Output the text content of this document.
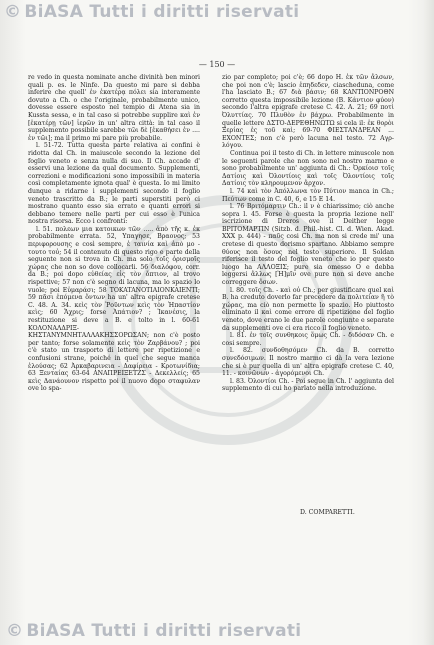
© BiASA Tutti i diritti riservati
— 150 —

re vedo in questa nominate anche divinità ben minori quali p. es. le Ninfe. Da questo mi pare si debba inferire che quell' ἐν ἑκατέρᾳ πόλει sia interamente dovuto a Ch. o che l'originale, probabilmente unico, dovesse essere esposto nel tempio di Atena sia in Kussta sessa, e in tal caso si potrebbe supplire καὶ ἐν [ἑκατέρῃ τῶν] ἱερῶν in un' altra città: in tal caso il supplemento possibile sarebbe τῶι δὲ [ἐκαθήσει ἐν .... ἐν τῶι]; ma il primo mi pare più probabile.

l. 51-72. Tutta questa parte relativa ai confini è ridotta dal Ch. in maiuscole secondo la lezione del foglio veneto e senza nulla di suo. Il Ch. accade d' esservi una lezione da qual documento. Supplementi, correzioni e modificazioni sono impossibili in materia così completamente ignota qual' è questa. Io mi limito dunque a ridarne i supplementi secondo il foglio veneto trascritto da B.; le parti superstiti però ci mostrano quanto esso sia errato e quanti errori si debbano temere nelle parti per cui esso è l'unica nostra risorsa. Ecco i confronti:

l. 51. πολεων μια κατοικων τῶν ..... ἀπὸ τῆς κ. ἐκ probabilmente errata. 52, Υπαγησε, Βραονος; 53 περιφορουσης e così sempre, ἐ ταινία καὶ ἀπὸ μο - τουτο τοὐ; 54 il contenuto di questo rigo e parte della seguente non si trova in Ch. ma solo τοῖς ὁρισμοῖς χώρας che non so dove collocarli. 56 διαλόφου, corr. da B.; poi dopo εὐθείας εἰς τὸν ὄπτιον, al trovo rispettive; 57 non c'è segno di lacuna, ma lo spazio lo vuole; poi Εὐμαράσι; 58 TOKATANOTIAIONKAIENTI; 59 πᾶσι ἐπόμενα ὄντων ha un' altra epigrafe cretese C. 48. A. 34. κεὶς τὸν Ῥοῦντων κεὶς τὸν Ἡπαστίον κεὶς; 60 Ἄχρις; forse Ἀπάτιον? ; Ἰκανέσις, la restituzione si deve a B. e tolto in l. 60-61 KOΛOΝAΛΔΡΙΞ-ΚΗΣΤΑΝΥΜΝΗΤΑΛΛΑΚΗΣΣΟΡΩΣΑΝ; non c'è posto per tanto; forse solamente κεὶς τὸν Ζαρβάνου? ; poi c'è stato un trasporto di lettere per ripetizione e confusioni strane, poiché in quel che segue manca ἐλούσας; 62 Ἀρκαβαρινεια - Δαφίρεια - Κροτωνίδια; 63 Ξενταίας 63-64 ΑΝΑΠΡΕΙΞΕΤΖΣ - Δεκελλείς; 65 κεὶς Δανάουνον rispetto poi il nuovo dopo σταφυλαν ove lo spa-

zio par completo; poi c'è; 66 dopo Η. ἐκ τῶν ἄλσων, che poi non c'è; lascio ἑπηδεδεν, ciascheduna, come l'ha lasciato B.; 67 διὰ βάσιν; 68 ΚΑΝΤΙΟΝΡΟΘΝ corretto questa impossibile lezione (B. Κάντιον φύον) secondo l'altra epigrafe cretese C. 42. A. 21; 69 ποτὶ Ὀλυττίας. 70 Πλυθὸν ἐν βάχρω. Probabilmente in quelle lettere ΔΣΤΟ-ΔΕΡΕΘΗΝΩΤΩ si cela il: ἐκ θορὸι Ξερίας ἐς τοῦ καὶ; 69-70 ΦΙΕΣΤΑΝΔΡΕΑΝ ... EXONΤΕΣ; non c'è però lacuna nel testo. 72 Αγρ-λόγου.

Continua poi il testo di Ch. in lettere minuscole non le seguenti parole che non sono nel nostro marmo e sono probabilmente un' aggiunta di Ch.: Ὀρκίοισ τοῖς Δατίοις καὶ Ὀλοντίοις καὶ τοῖς Ὀλοντίοις τοῖς Δατίοις τὸν κληρουμενον ἄρχον.

l. 74 καὶ τὸν Ἀπόλλωνα τὸν Πύτιον manca in Ch.; Πεύτων come in C. 40, 6, e 15 Ε 14.

l. 76 Βριτόμαρτιν Ch.: il ν è chiarissimo; ciò anche sopra l. 45. Forse è questa la propria lezione nell' iscrizione di Dreros ove il Deither legge ΒΡΙΤΟΜΑΡΤΙΝ (Sitzb. d. Phil.-hist. Cl. d. Wien. Akad. XXX p. 444) - παῦς cosi Ch. ma non si crede mi' una cretese di questo dorismo spartano. Abbiamo sempre θύους non ὅσους nel testo superiore. Il Soldan riferisce il testo del foglio veneto che io per questo luogo ha ΑΛΛΟΞΙΣ; pure sia omesso Ο e debba leggersi ἄλλως [Ἡ]μῖν ove pure non si deve anche correggere ὅσων.

l. 80. τοῖς Ch. - καὶ οὐ Ch.; per giustificare quel καὶ B. ha creduto doverlo far precedere da πολιτείαν ἢ τὸ χώρας, ma ciò non permette lo spazio. Ho piuttosto eliminato il καὶ come errore di ripetizione del foglio veneto, dove erano le due parole congiunte e separate da supplementi ove ci era ricco il foglio veneto.

l. 81. ἐν τοῖς συνθηκοις ὅμως Ch. - διδόσαν Ch. e cosi sempre.

l. 82. συνδοθησόμεν Ch. da B. corretto συνεδόσιμων. Il nostro marmo ci dà la vera lezione che si è pur quella di un' altra epigrafe cretese C. 40, 11. - κοινῶνων - ἀγορόμενοι Ch.

l. 83. Ὀλοντίοι Ch. - Poi segue in Ch. l' aggiunta del supplemento di cui ho parlato nella introduzione.

D. COMPARETTI.
© BiASA Tutti i diritti riservati
